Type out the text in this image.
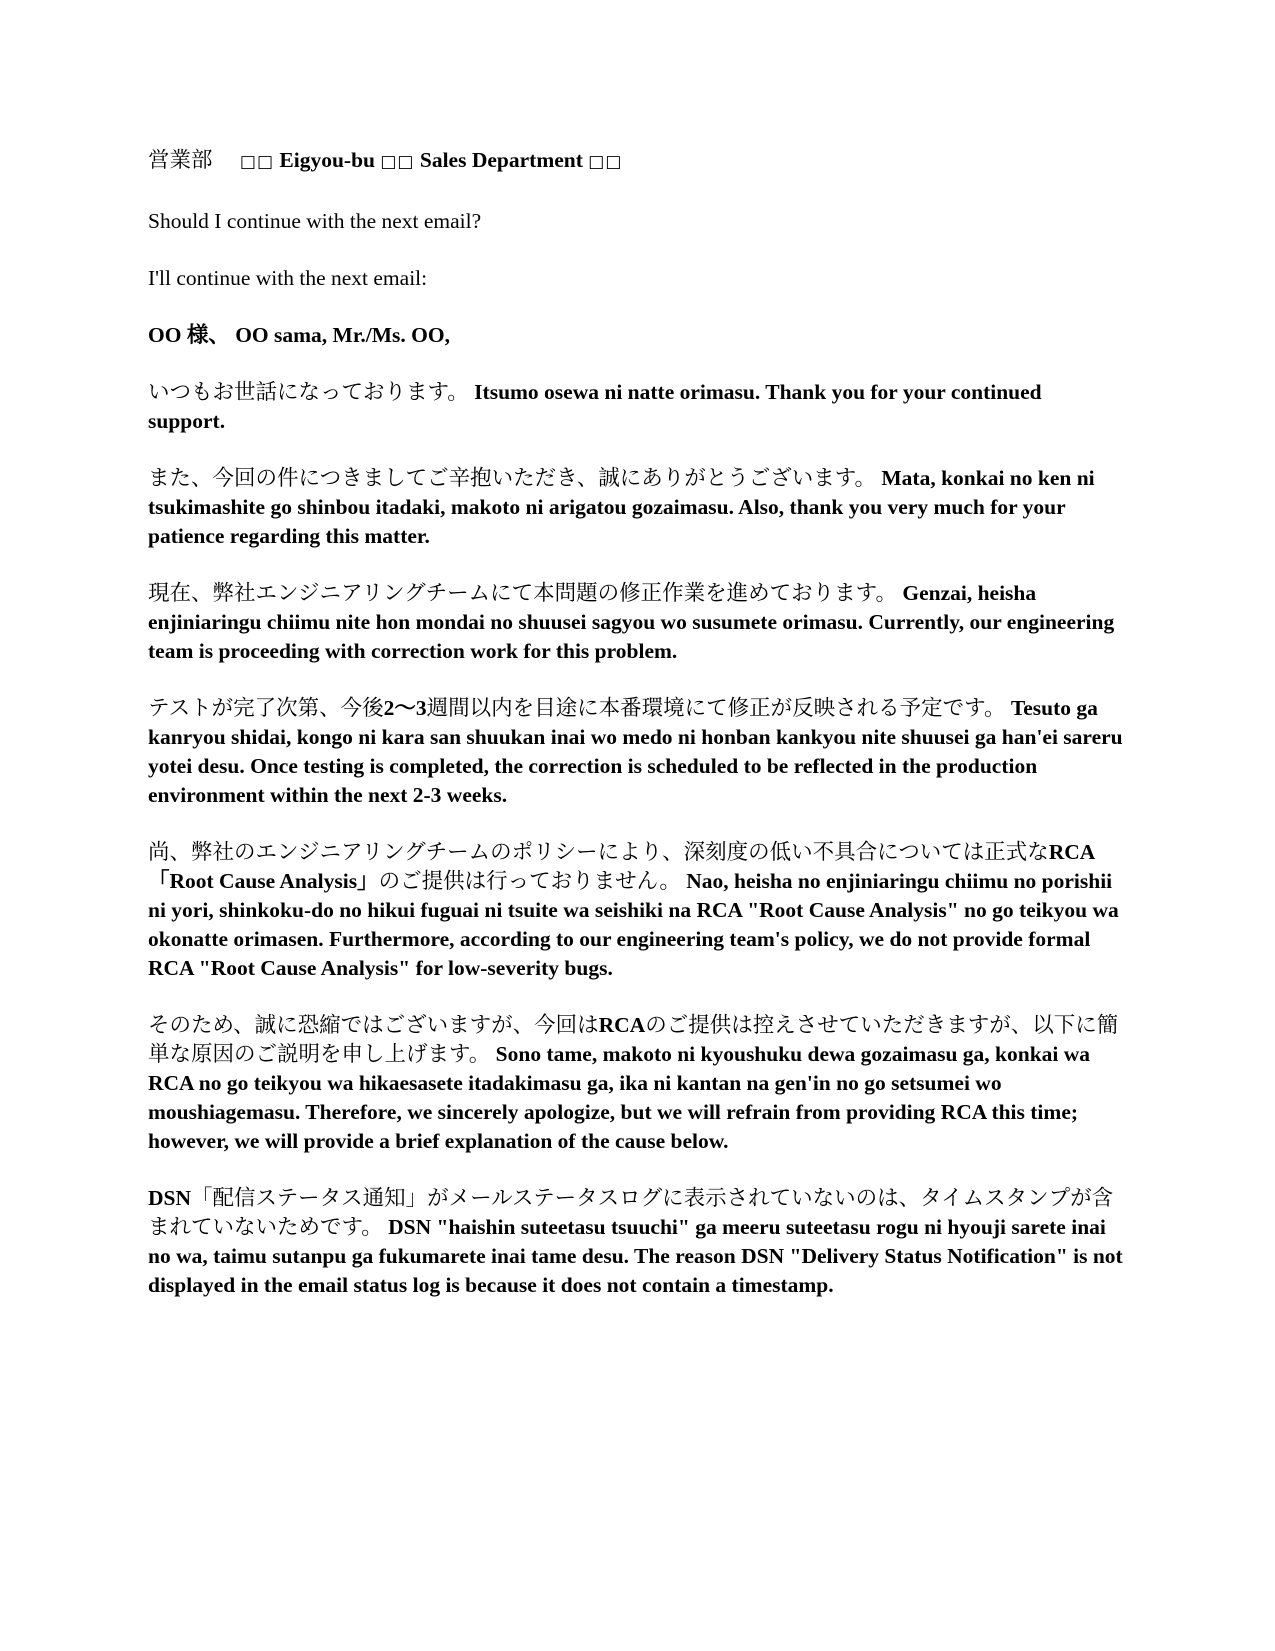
営業部 □□ Eigyou-bu □□ Sales Department □□

Should I continue with the next email?

I'll continue with the next email:

OO 様、 OO sama, Mr./Ms. OO,

いつもお世話になっております。 Itsumo osewa ni natte orimasu. Thank you for your continued support.

また、今回の件につきましてご辛抱いただき、誠にありがとうございます。 Mata, konkai no ken ni tsukimashite go shinbou itadaki, makoto ni arigatou gozaimasu. Also, thank you very much for your patience regarding this matter.

現在、弊社エンジニアリングチームにて本問題の修正作業を進めております。 Genzai, heisha enjiniaringu chiimu nite hon mondai no shuusei sagyou wo susumete orimasu. Currently, our engineering team is proceeding with correction work for this problem.

テストが完了次第、今後2～3週間以内を目途に本番環境にて修正が反映される予定です。 Tesuto ga kanryou shidai, kongo ni kara san shuukan inai wo medo ni honban kankyou nite shuusei ga han'ei sareru yotei desu. Once testing is completed, the correction is scheduled to be reflected in the production environment within the next 2-3 weeks.

尚、弊社のエンジニアリングチームのポリシーにより、深刻度の低い不具合については正式なRCA「Root Cause Analysis」のご提供は行っておりません。 Nao, heisha no enjiniaringu chiimu no porishii ni yori, shinkoku-do no hikui fuguai ni tsuite wa seishiki na RCA "Root Cause Analysis" no go teikyou wa okonatte orimasen. Furthermore, according to our engineering team's policy, we do not provide formal RCA "Root Cause Analysis" for low-severity bugs.

そのため、誠に恐縮ではございますが、今回はRCAのご提供は控えさせていただきますが、以下に簡単な原因のご説明を申し上げます。 Sono tame, makoto ni kyoushuku dewa gozaimasu ga, konkai wa RCA no go teikyou wa hikaesasete itadakimasu ga, ika ni kantan na gen'in no go setsumei wo moushiagemasu. Therefore, we sincerely apologize, but we will refrain from providing RCA this time; however, we will provide a brief explanation of the cause below.

DSN「配信ステータス通知」がメールステータスログに表示されていないのは、タイムスタンプが含まれていないためです。 DSN "haishin suteetasu tsuuchi" ga meeru suteetasu rogu ni hyouji sarete inai no wa, taimu sutanpu ga fukumarete inai tame desu. The reason DSN "Delivery Status Notification" is not displayed in the email status log is because it does not contain a timestamp.
